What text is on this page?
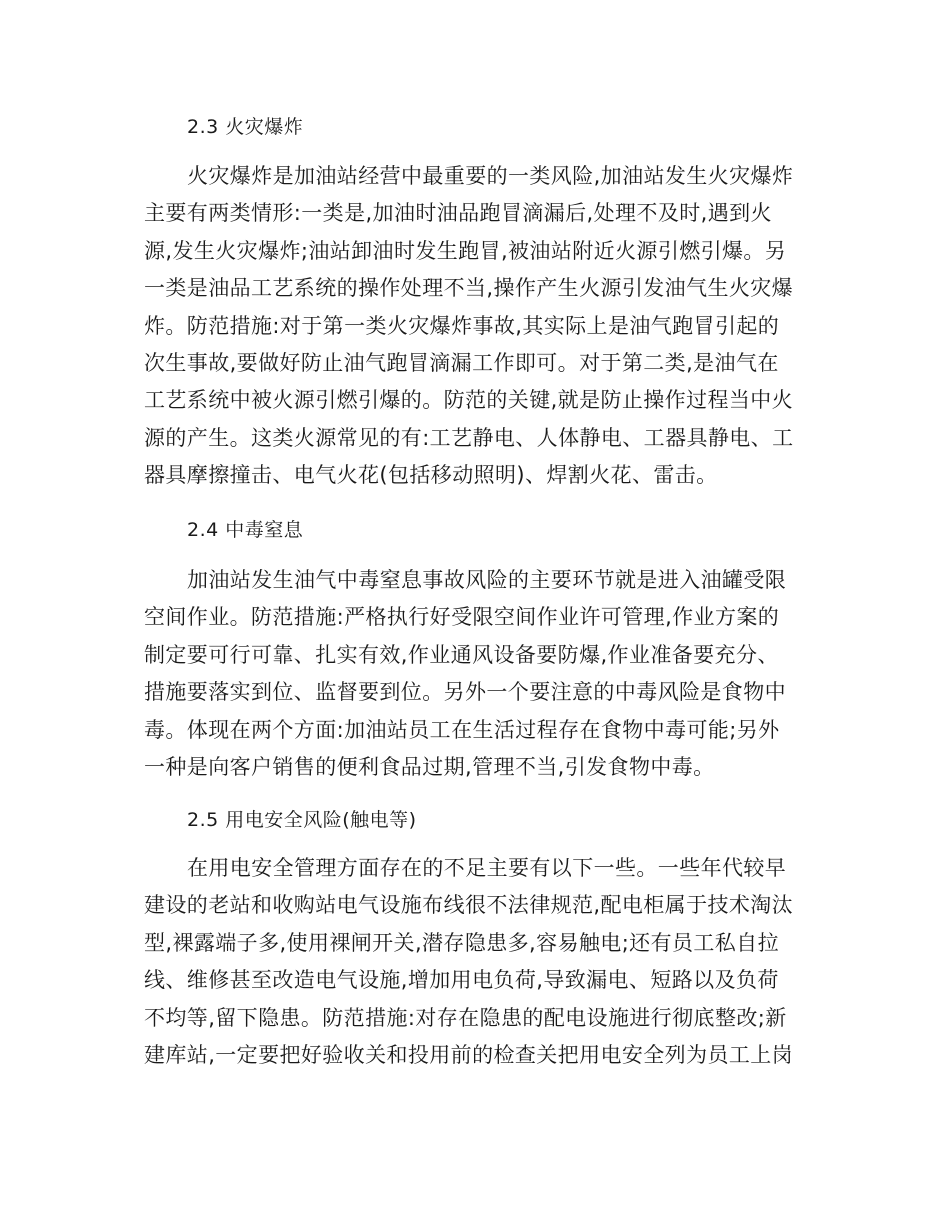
2.3 火灾爆炸
火灾爆炸是加油站经营中最重要的一类风险,加油站发生火灾爆炸
主要有两类情形:一类是,加油时油品跑冒滴漏后,处理不及时,遇到火
源,发生火灾爆炸;油站卸油时发生跑冒,被油站附近火源引燃引爆。另
一类是油品工艺系统的操作处理不当,操作产生火源引发油气生火灾爆
炸。防范措施:对于第一类火灾爆炸事故,其实际上是油气跑冒引起的
次生事故,要做好防止油气跑冒滴漏工作即可。对于第二类,是油气在
工艺系统中被火源引燃引爆的。防范的关键,就是防止操作过程当中火
源的产生。这类火源常见的有:工艺静电、人体静电、工器具静电、工
器具摩擦撞击、电气火花(包括移动照明)、焊割火花、雷击。
2.4 中毒窒息
加油站发生油气中毒窒息事故风险的主要环节就是进入油罐受限
空间作业。防范措施:严格执行好受限空间作业许可管理,作业方案的
制定要可行可靠、扎实有效,作业通风设备要防爆,作业准备要充分、
措施要落实到位、监督要到位。另外一个要注意的中毒风险是食物中
毒。体现在两个方面:加油站员工在生活过程存在食物中毒可能;另外
一种是向客户销售的便利食品过期,管理不当,引发食物中毒。
2.5 用电安全风险(触电等)
在用电安全管理方面存在的不足主要有以下一些。一些年代较早
建设的老站和收购站电气设施布线很不法律规范,配电柜属于技术淘汰
型,裸露端子多,使用裸闸开关,潜存隐患多,容易触电;还有员工私自拉
线、维修甚至改造电气设施,增加用电负荷,导致漏电、短路以及负荷
不均等,留下隐患。防范措施:对存在隐患的配电设施进行彻底整改;新
建库站,一定要把好验收关和投用前的检查关把用电安全列为员工上岗
